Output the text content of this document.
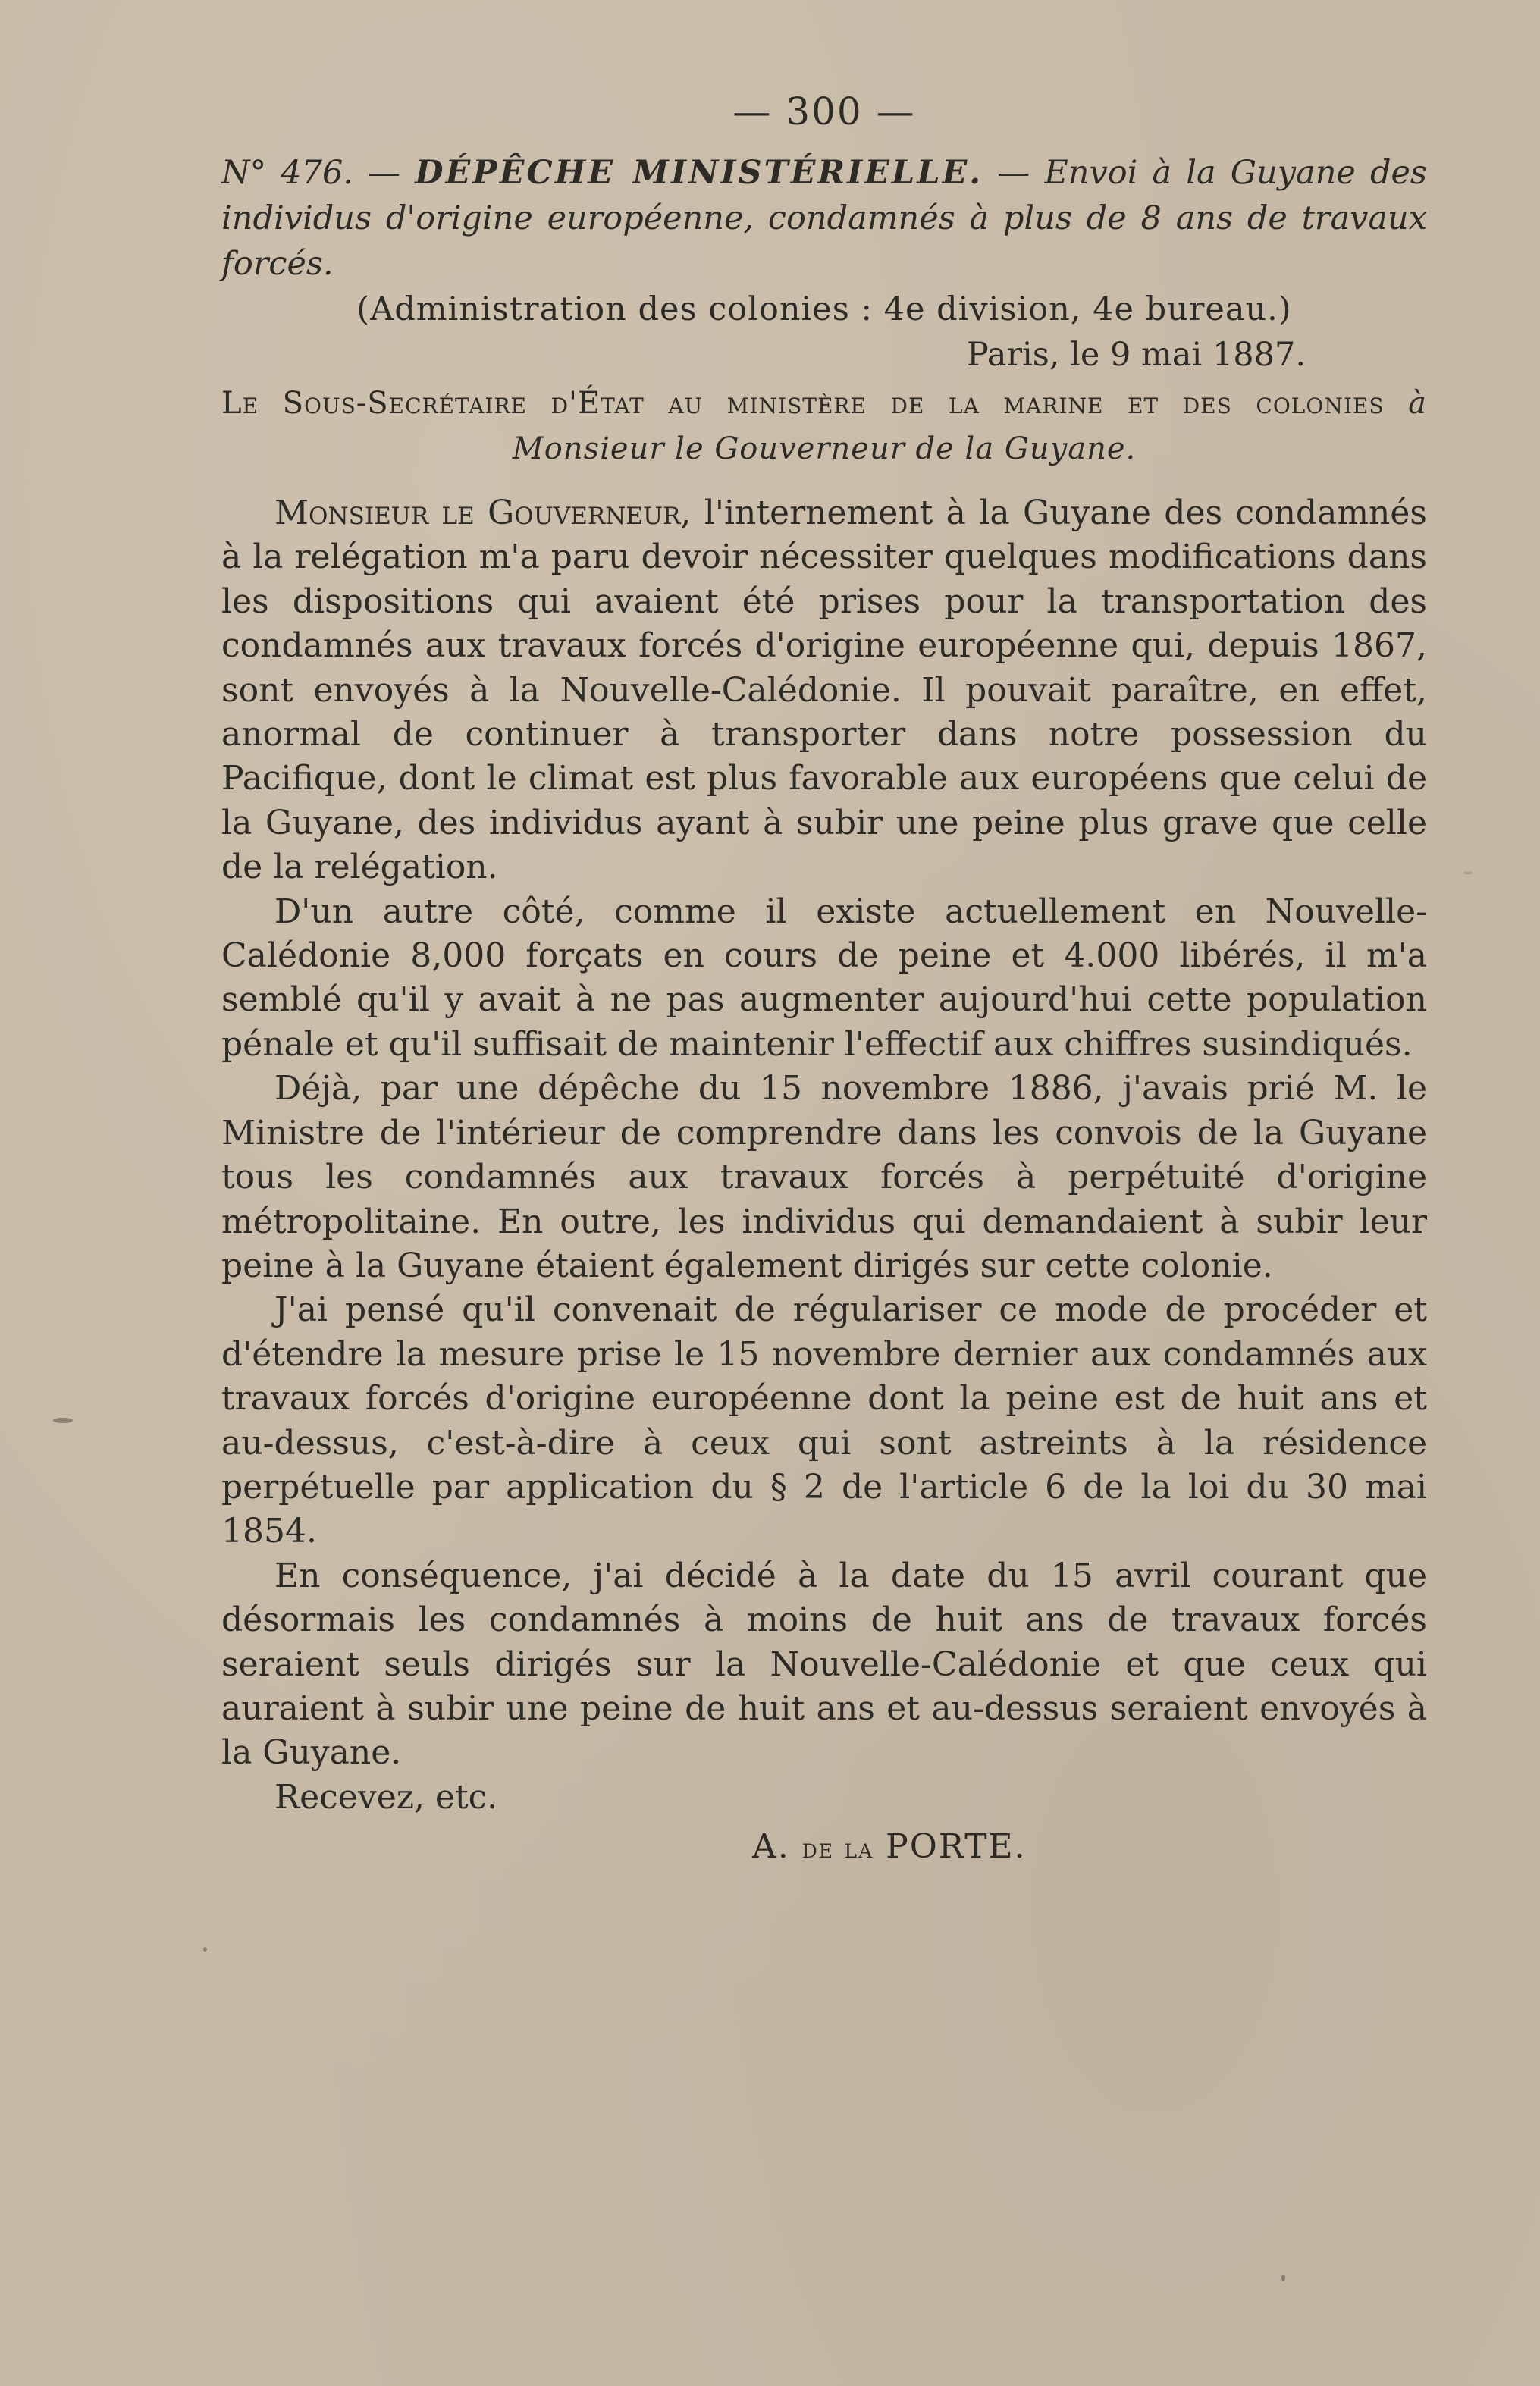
— 300 —

N° 476. — DÉPÊCHE MINISTÉRIELLE. — Envoi à la Guyane des individus d'origine européenne, condamnés à plus de 8 ans de travaux forcés.

(Administration des colonies : 4e division, 4e bureau.)

Paris, le 9 mai 1887.

Le Sous-Secrétaire d'État au ministère de la marine et des colonies à Monsieur le Gouverneur de la Guyane.

Monsieur le Gouverneur, l'internement à la Guyane des condamnés à la relégation m'a paru devoir nécessiter quelques modifications dans les dispositions qui avaient été prises pour la transportation des condamnés aux travaux forcés d'origine européenne qui, depuis 1867, sont envoyés à la Nouvelle-Calédonie. Il pouvait paraître, en effet, anormal de continuer à transporter dans notre possession du Pacifique, dont le climat est plus favorable aux européens que celui de la Guyane, des individus ayant à subir une peine plus grave que celle de la relégation.

D'un autre côté, comme il existe actuellement en Nouvelle-Calédonie 8,000 forçats en cours de peine et 4.000 libérés, il m'a semblé qu'il y avait à ne pas augmenter aujourd'hui cette population pénale et qu'il suffisait de maintenir l'effectif aux chiffres susindiqués.

Déjà, par une dépêche du 15 novembre 1886, j'avais prié M. le Ministre de l'intérieur de comprendre dans les convois de la Guyane tous les condamnés aux travaux forcés à perpétuité d'origine métropolitaine. En outre, les individus qui demandaient à subir leur peine à la Guyane étaient également dirigés sur cette colonie.

J'ai pensé qu'il convenait de régulariser ce mode de procéder et d'étendre la mesure prise le 15 novembre dernier aux condamnés aux travaux forcés d'origine européenne dont la peine est de huit ans et au-dessus, c'est-à-dire à ceux qui sont astreints à la résidence perpétuelle par application du § 2 de l'article 6 de la loi du 30 mai 1854.

En conséquence, j'ai décidé à la date du 15 avril courant que désormais les condamnés à moins de huit ans de travaux forcés seraient seuls dirigés sur la Nouvelle-Calédonie et que ceux qui auraient à subir une peine de huit ans et au-dessus seraient envoyés à la Guyane.

Recevez, etc.

A. de la PORTE.
